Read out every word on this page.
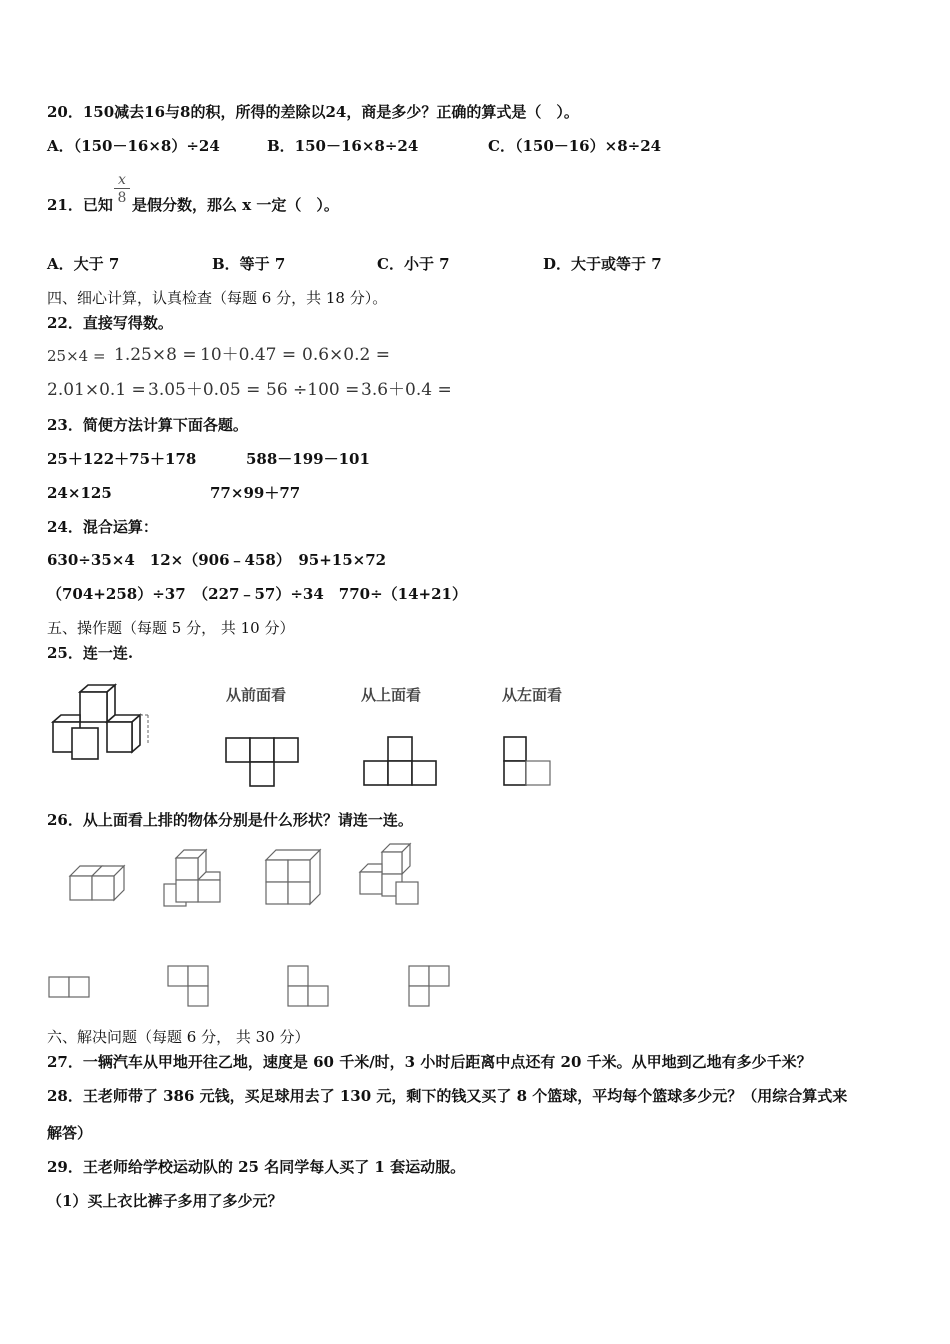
20．150减去16与8的积，所得的差除以24，商是多少？正确的算式是（　）。
A．（150－16×8）÷24	B．150－16×8÷24	C．（150－16）×8÷24
21．已知 $\frac{x}{8}$ 是假分数，那么 x 一定（　）。
A．大于 7	B．等于 7	C．小于 7	D．大于或等于 7
四、细心计算，认真检查（每题 6 分，共 18 分）。
22．直接写得数。
25×4 = 1.25×8 = 10＋0.47 = 0.6×0.2 =
2.01×0.1 = 3.05＋0.05 = 56 ÷100 = 3.6＋0.4 =
23．简便方法计算下面各题。
25＋122＋75＋178	588－199－101
24×125	77×99＋77
24．混合运算：
630÷35×4　12×（906﹣458）　95+15×72
（704+258）÷37　（227﹣57）÷34　770÷（14+21）
五、操作题（每题 5 分， 共 10 分）
25．连一连.
从前面看	从上面看	从左面看
26．从上面看上排的物体分别是什么形状？请连一连。
六、解决问题（每题 6 分， 共 30 分）
27．一辆汽车从甲地开往乙地，速度是 60 千米/时，3 小时后距离中点还有 20 千米。从甲地到乙地有多少千米？
28．王老师带了 386 元钱，买足球用去了 130 元，剩下的钱又买了 8 个篮球，平均每个篮球多少元？（用综合算式来
解答）
29．王老师给学校运动队的 25 名同学每人买了 1 套运动服。
（1）买上衣比裤子多用了多少元？
